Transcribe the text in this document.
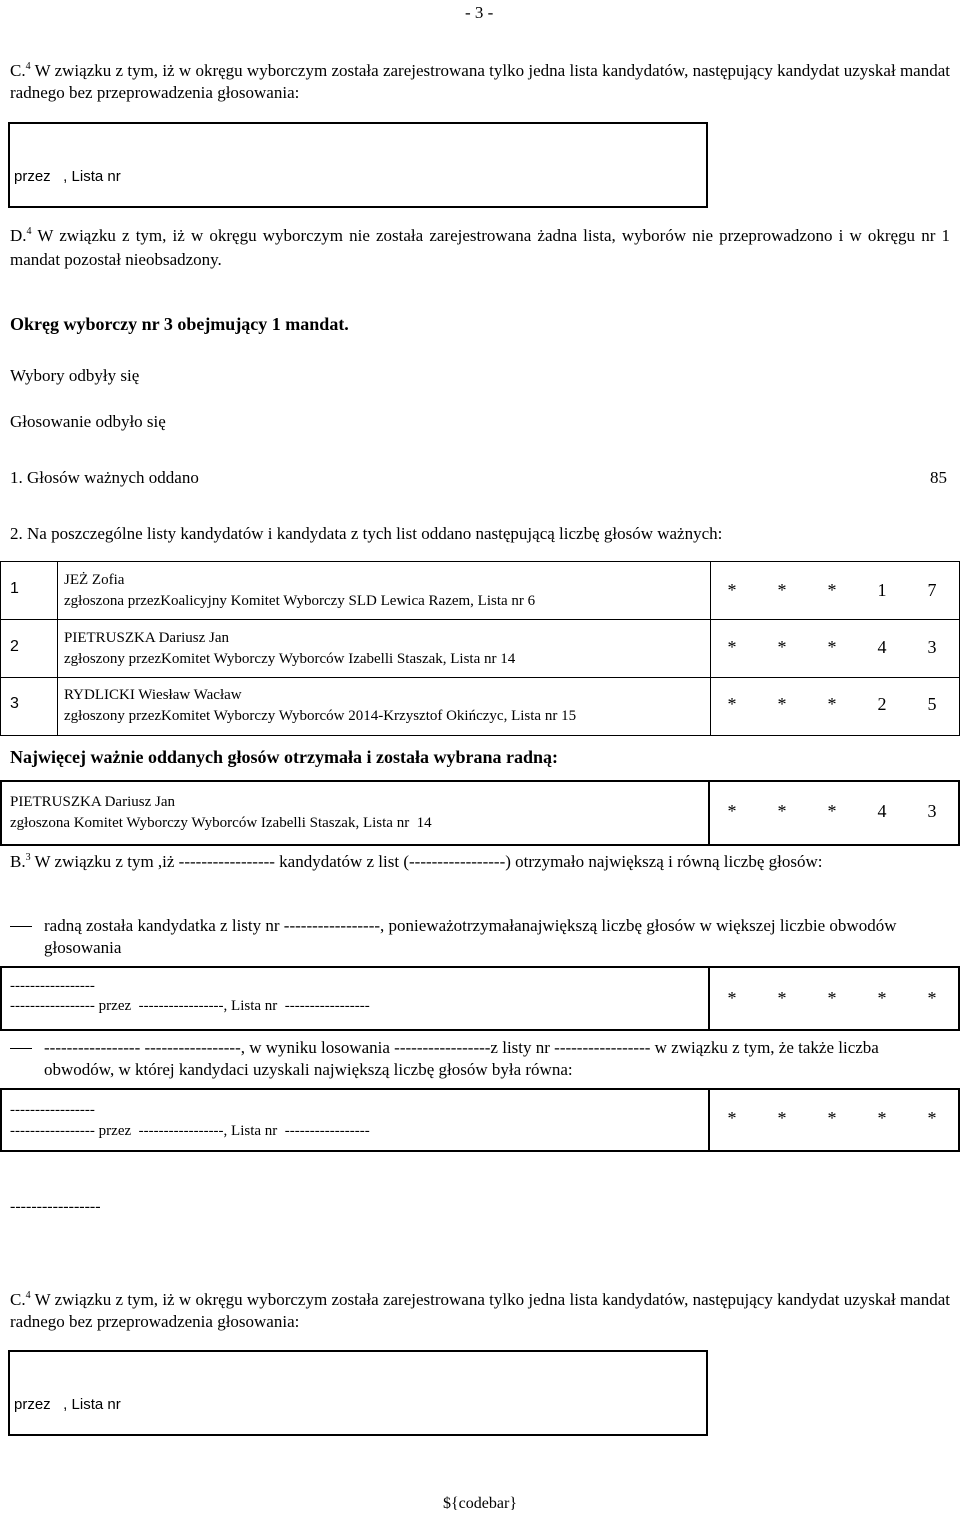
- 3 -
C.$^4$ W związku z tym, iż w okręgu wyborczym została zarejestrowana tylko jedna lista kandydatów, następujący kandydat uzyskał mandat radnego bez przeprowadzenia głosowania:
przez   , Lista nr
D.$^4$ W związku z tym, iż w okręgu wyborczym nie została zarejestrowana żadna lista, wyborów nie przeprowadzono i w okręgu nr 1 mandat pozostał nieobsadzony.
Okręg wyborczy nr 3 obejmujący 1 mandat.
Wybory odbyły się
Głosowanie odbyło się
1. Głosów ważnych oddano	85
2. Na poszczególne listy kandydatów i kandydata z tych list oddano następującą liczbę głosów ważnych:
1	JEŻ Zofia
zgłoszona przezKoalicyjny Komitet Wyborczy SLD Lewica Razem, Lista nr 6
*	*	*	1	7
2	PIETRUSZKA Dariusz Jan
zgłoszony przezKomitet Wyborczy Wyborców Izabelli Staszak, Lista nr 14
*	*	*	4	3
3	RYDLICKI Wiesław Wacław
zgłoszony przezKomitet Wyborczy Wyborców 2014-Krzysztof Okińczyc, Lista nr 15
*	*	*	2	5
Najwięcej ważnie oddanych głosów otrzymała i została wybrana radną:
PIETRUSZKA Dariusz Jan
zgłoszona Komitet Wyborczy Wyborców Izabelli Staszak, Lista nr  14
*	*	*	4	3
B.$^3$ W związku z tym ,iż ----------------- kandydatów z list (-----------------) otrzymało największą i równą liczbę głosów:
radną została kandydatka z listy nr -----------------, ponieważotrzymałanajwiększą liczbę głosów w większej liczbie obwodów głosowania
-----------------
----------------- przez  -----------------, Lista nr  -----------------	*	*	*	*	*
----------------- -----------------, w wyniku losowania -----------------z listy nr ----------------- w związku z tym, że także liczba obwodów, w której kandydaci uzyskali największą liczbę głosów była równa:
-----------------
----------------- przez  -----------------, Lista nr  -----------------
*	*	*	*	*
-----------------
C.$^4$ W związku z tym, iż w okręgu wyborczym została zarejestrowana tylko jedna lista kandydatów, następujący kandydat uzyskał mandat radnego bez przeprowadzenia głosowania:
przez   , Lista nr
${codebar}
